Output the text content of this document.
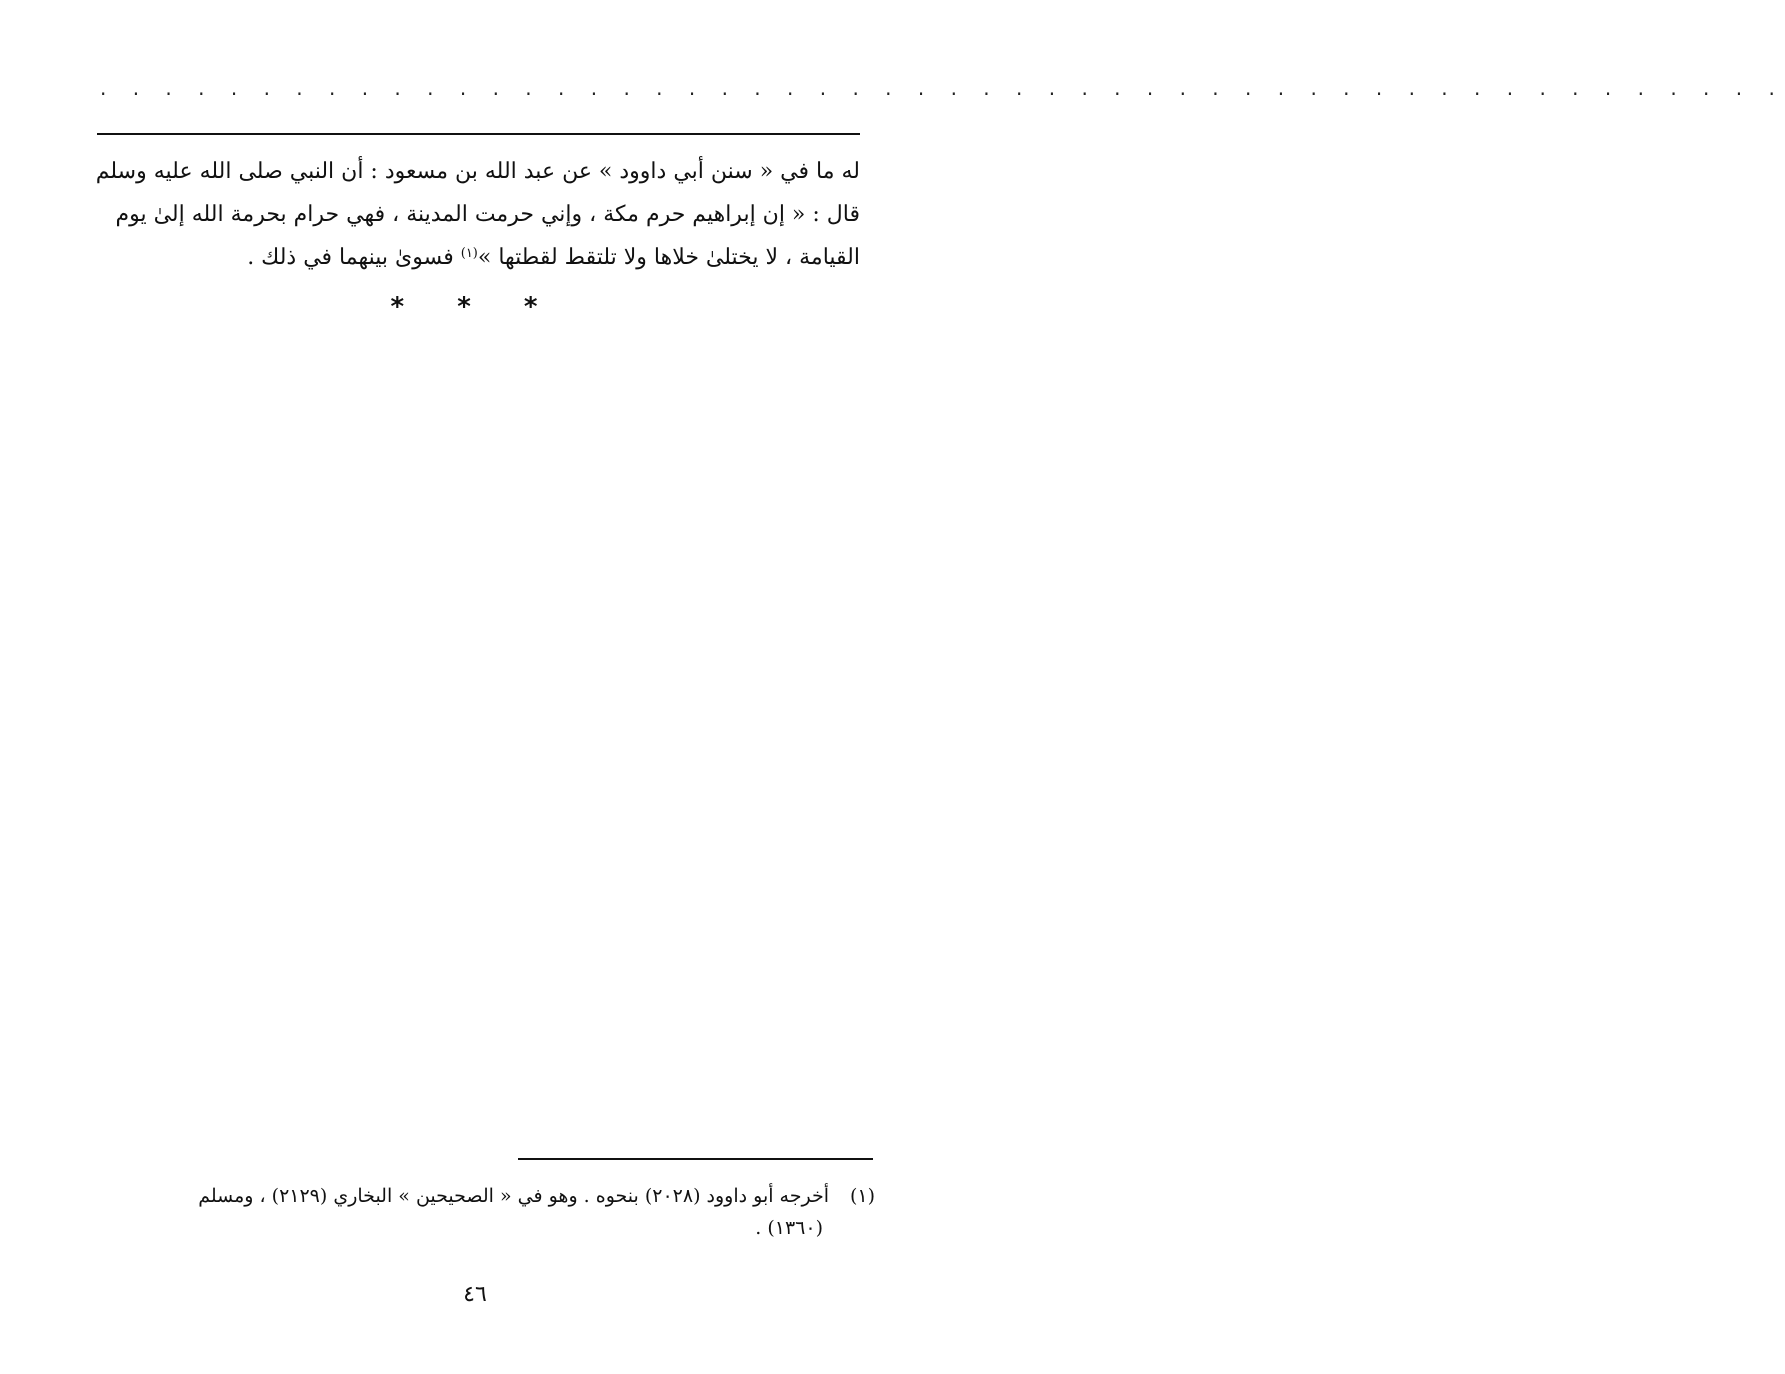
· · · · · · · · · · · · · · · · · · · · · · · · · · · · · · · · · · · · · · · · · · · · · · · · · · · ·
له ما في « سنن أبي داوود » عن عبد الله بن مسعود : أن النبي صلى الله عليه وسلم
قال : « إن إبراهيم حرم مكة ، وإني حرمت المدينة ، فهي حرام بحرمة الله إلىٰ يوم
القيامة ، لا يختلىٰ خلاها ولا تلتقط لقطتها »$^{(١)}$ فسوىٰ بينهما في ذلك .
* * *
(١)أخرجه أبو داوود (٢٠٢٨) بنحوه . وهو في « الصحيحين » البخاري (٢١٢٩) ، ومسلم
(١٣٦٠) .
٤٦
